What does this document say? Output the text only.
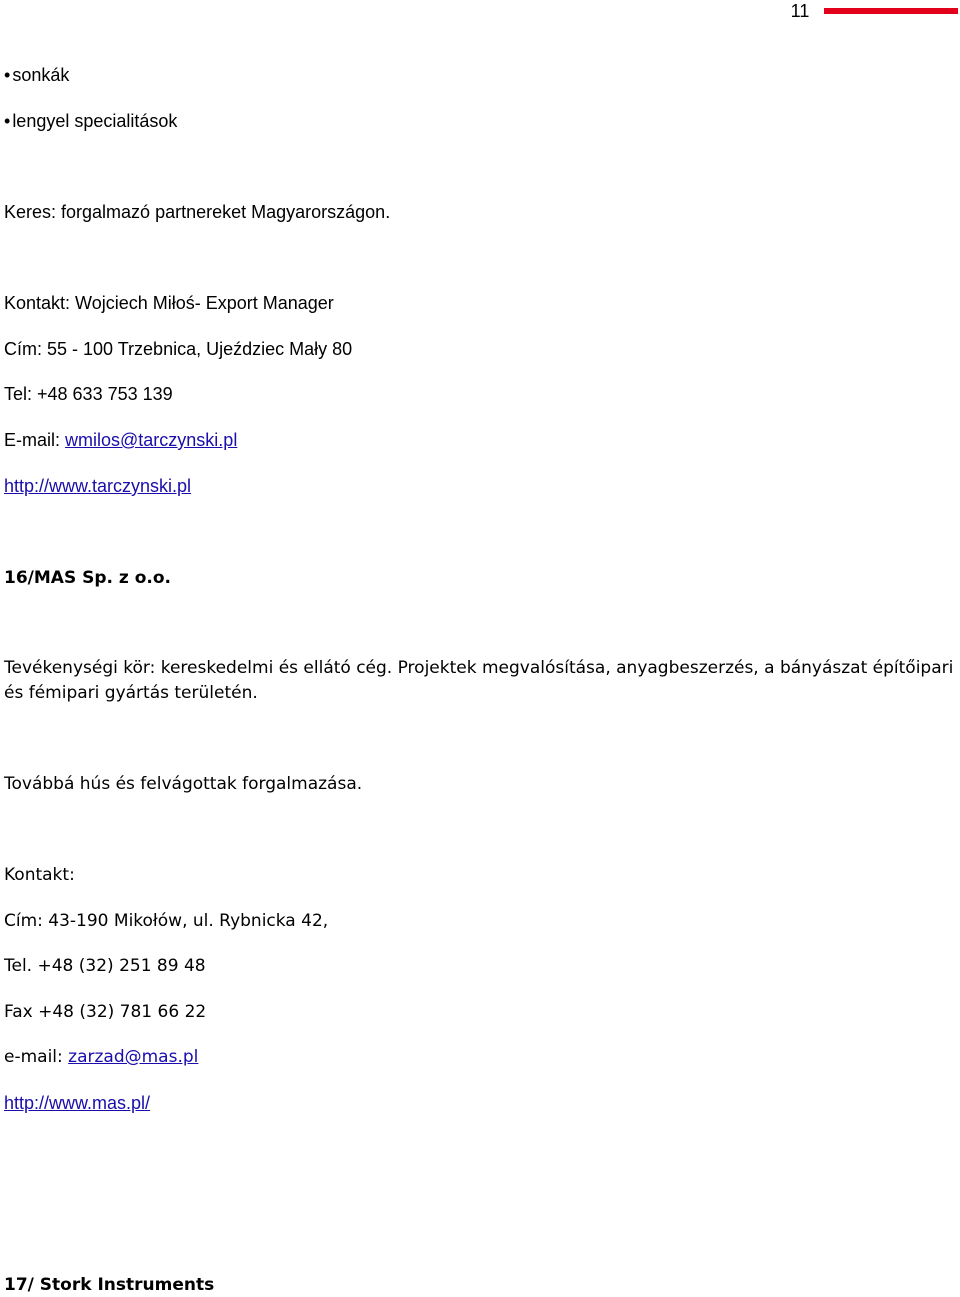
11

• sonkák

• lengyel specialitások

Keres: forgalmazó partnereket Magyarországon.

Kontakt: Wojciech Miłoś- Export Manager

Cím: 55 - 100 Trzebnica, Ujeździec Mały 80

Tel: +48 633 753 139

E-mail: wmilos@tarczynski.pl

http://www.tarczynski.pl

16/MAS Sp. z o.o.

Tevékenységi kör: kereskedelmi és ellátó cég. Projektek megvalósítása, anyagbeszerzés, a bányászat építőipari és fémipari gyártás területén.

Továbbá hús és felvágottak forgalmazása.

Kontakt:

Cím: 43-190 Mikołów, ul. Rybnicka 42,

Tel. +48 (32) 251 89 48

Fax +48 (32) 781 66 22

e-mail: zarzad@mas.pl

http://www.mas.pl/

17/ Stork Instruments
